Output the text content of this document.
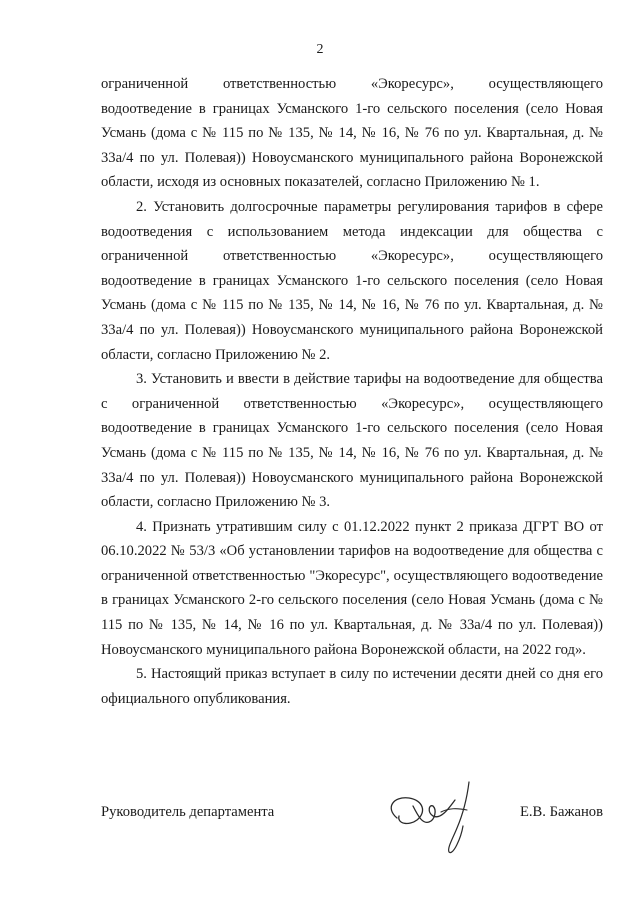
2

ограниченной ответственностью «Экоресурс», осуществляющего водоотведение в границах Усманского 1-го сельского поселения (село Новая Усмань (дома с № 115 по № 135, № 14, № 16, № 76 по ул. Квартальная, д. № 33а/4 по ул. Полевая)) Новоусманского муниципального района Воронежской области, исходя из основных показателей, согласно Приложению № 1.

2. Установить долгосрочные параметры регулирования тарифов в сфере водоотведения с использованием метода индексации для общества с ограниченной ответственностью «Экоресурс», осуществляющего водоотведение в границах Усманского 1-го сельского поселения (село Новая Усмань (дома с № 115 по № 135, № 14, № 16, № 76 по ул. Квартальная, д. № 33а/4 по ул. Полевая)) Новоусманского муниципального района Воронежской области, согласно Приложению № 2.

3. Установить и ввести в действие тарифы на водоотведение для общества с ограниченной ответственностью «Экоресурс», осуществляющего водоотведение в границах Усманского 1-го сельского поселения (село Новая Усмань (дома с № 115 по № 135, № 14, № 16, № 76 по ул. Квартальная, д. № 33а/4 по ул. Полевая)) Новоусманского муниципального района Воронежской области, согласно Приложению № 3.

4. Признать утратившим силу с 01.12.2022 пункт 2 приказа ДГРТ ВО от 06.10.2022 № 53/3 «Об установлении тарифов на водоотведение для общества с ограниченной ответственностью "Экоресурс", осуществляющего водоотведение в границах Усманского 2-го сельского поселения (село Новая Усмань (дома с № 115 по № 135, № 14, № 16 по ул. Квартальная, д. № 33а/4 по ул. Полевая)) Новоусманского муниципального района Воронежской области, на 2022 год».

5. Настоящий приказ вступает в силу по истечении десяти дней со дня его официального опубликования.

Руководитель департамента	Е.В. Бажанов
